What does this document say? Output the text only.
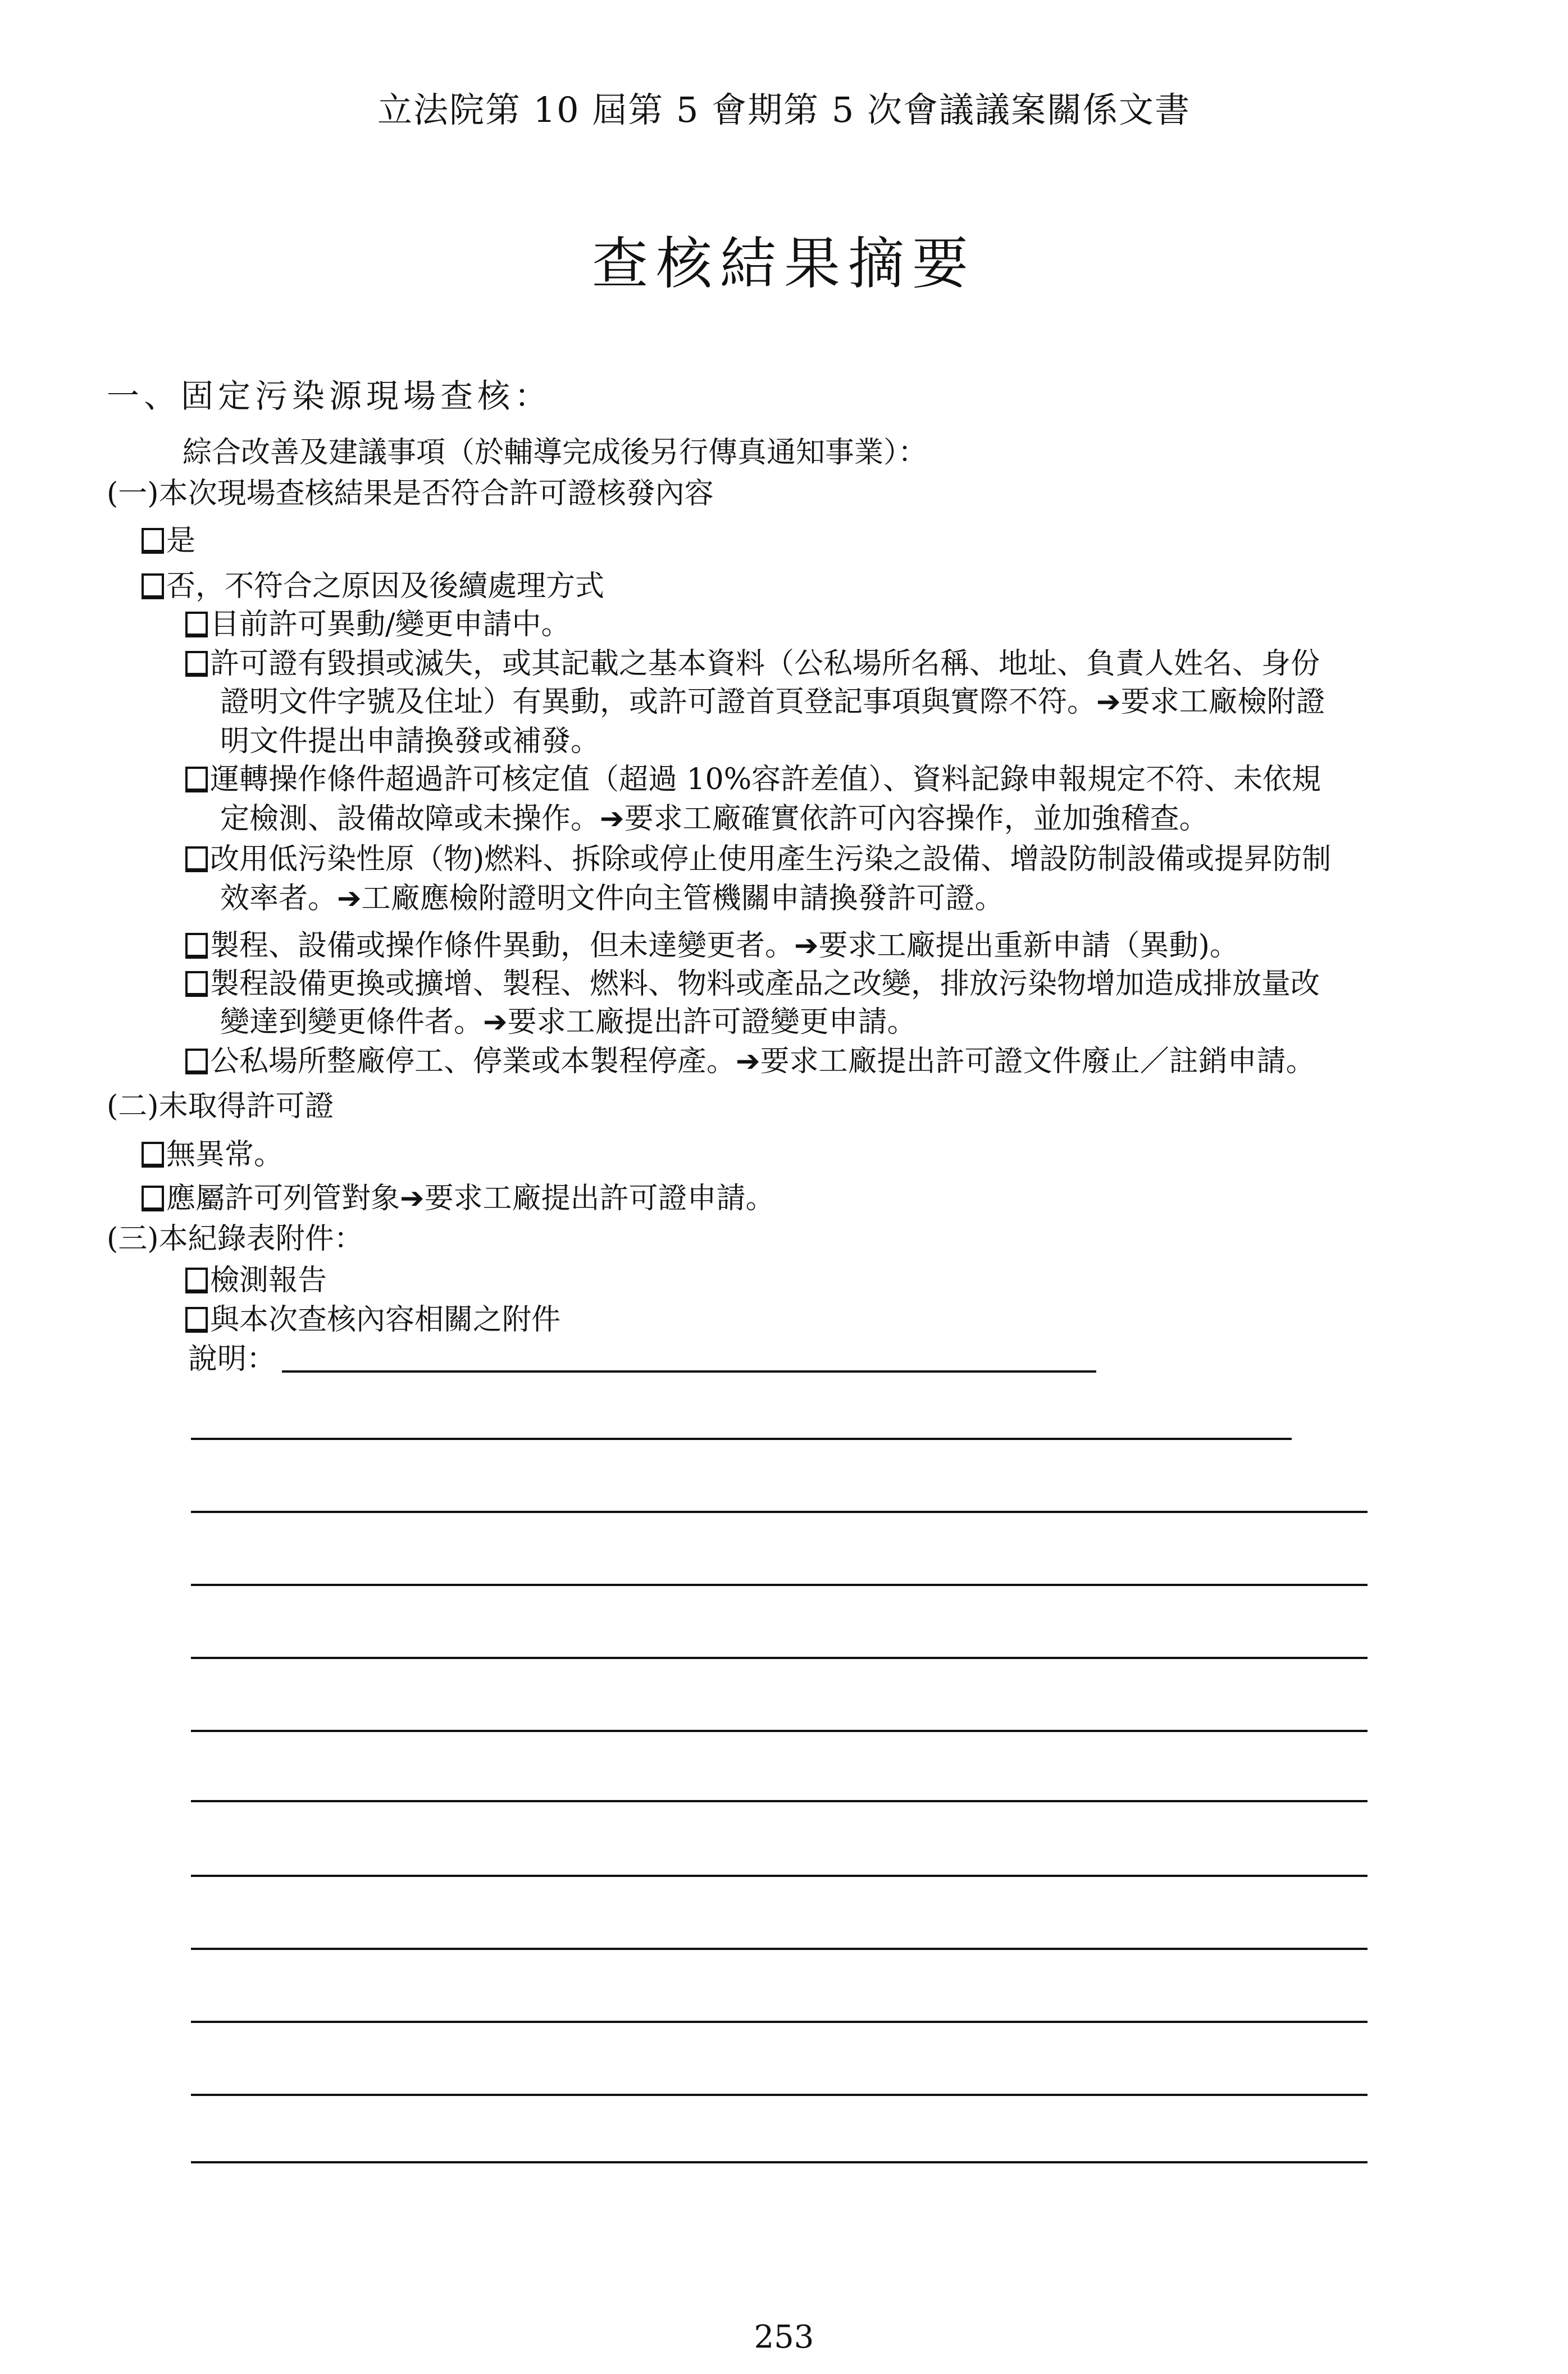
立法院第 10 屆第 5 會期第 5 次會議議案關係文書
查核結果摘要
一、固定污染源現場查核：
綜合改善及建議事項（於輔導完成後另行傳真通知事業）：
(一)本次現場查核結果是否符合許可證核發內容
是
否，不符合之原因及後續處理方式
目前許可異動/變更申請中。
許可證有毀損或滅失，或其記載之基本資料（公私場所名稱、地址、負責人姓名、身份
證明文件字號及住址）有異動，或許可證首頁登記事項與實際不符。➔要求工廠檢附證
明文件提出申請換發或補發。
運轉操作條件超過許可核定值（超過 10%容許差值）、資料記錄申報規定不符、未依規
定檢測、設備故障或未操作。➔要求工廠確實依許可內容操作，並加強稽查。
改用低污染性原（物)燃料、拆除或停止使用產生污染之設備、增設防制設備或提昇防制
效率者。➔工廠應檢附證明文件向主管機關申請換發許可證。
製程、設備或操作條件異動，但未達變更者。➔要求工廠提出重新申請（異動)。
製程設備更換或擴增、製程、燃料、物料或產品之改變，排放污染物增加造成排放量改
變達到變更條件者。➔要求工廠提出許可證變更申請。
公私場所整廠停工、停業或本製程停產。➔要求工廠提出許可證文件廢止／註銷申請。
(二)未取得許可證
無異常。
應屬許可列管對象➔要求工廠提出許可證申請。
(三)本紀錄表附件：
檢測報告
與本次查核內容相關之附件
說明：
253
